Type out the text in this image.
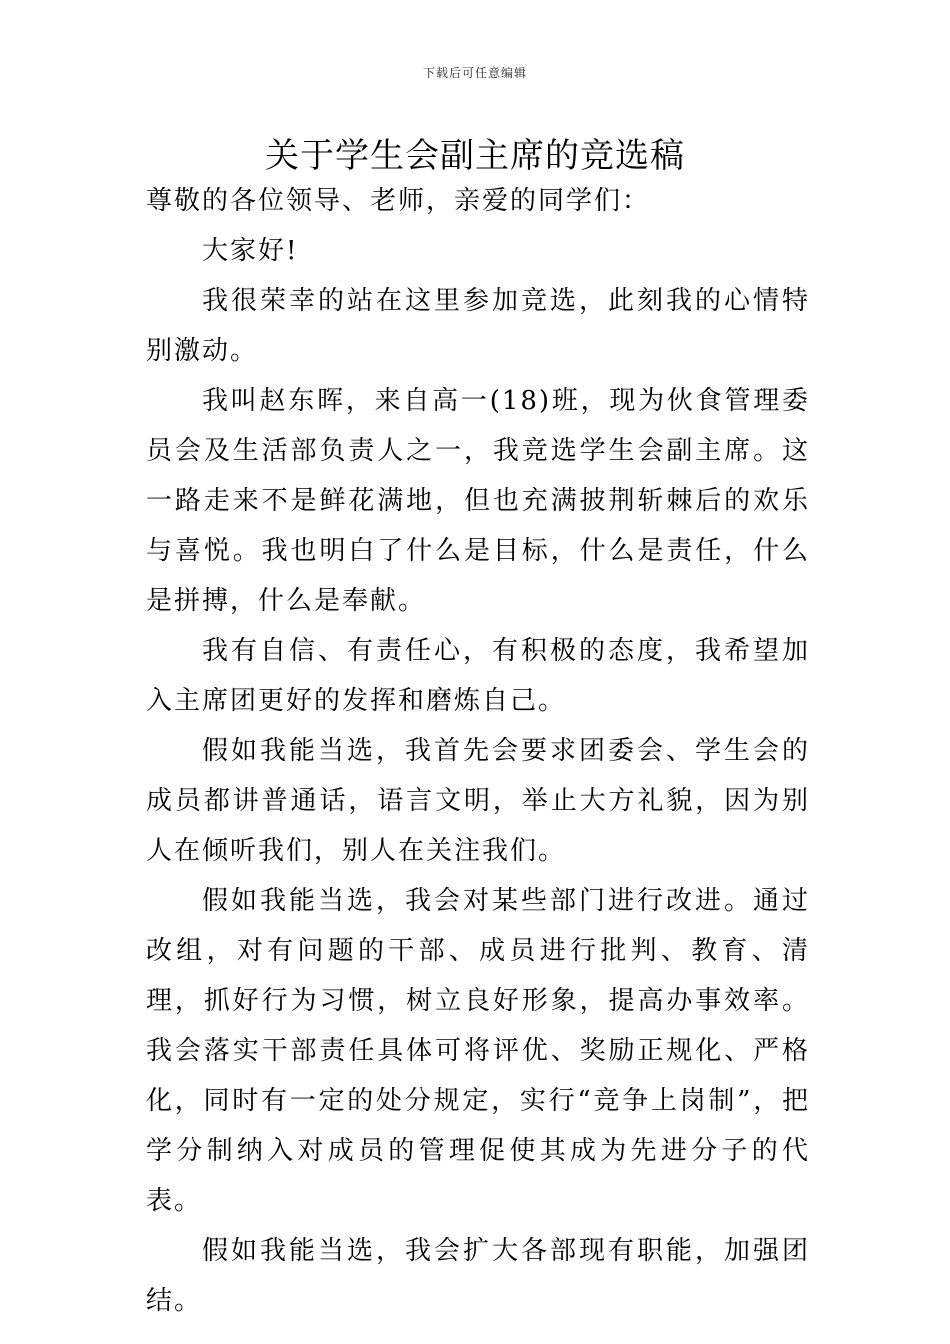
下载后可任意编辑
关于学生会副主席的竞选稿

尊敬的各位领导、老师，亲爱的同学们：

大家好!

我很荣幸的站在这里参加竞选，此刻我的心情特别激动。

我叫赵东晖，来自高一(18)班，现为伙食管理委员会及生活部负责人之一，我竞选学生会副主席。这一路走来不是鲜花满地，但也充满披荆斩棘后的欢乐与喜悦。我也明白了什么是目标，什么是责任，什么是拼搏，什么是奉献。

我有自信、有责任心，有积极的态度，我希望加入主席团更好的发挥和磨炼自己。

假如我能当选，我首先会要求团委会、学生会的成员都讲普通话，语言文明，举止大方礼貌，因为别人在倾听我们，别人在关注我们。

假如我能当选，我会对某些部门进行改进。通过改组，对有问题的干部、成员进行批判、教育、清理，抓好行为习惯，树立良好形象，提高办事效率。我会落实干部责任具体可将评优、奖励正规化、严格化，同时有一定的处分规定，实行“竞争上岗制”，把学分制纳入对成员的管理促使其成为先进分子的代表。

假如我能当选，我会扩大各部现有职能，加强团结。
